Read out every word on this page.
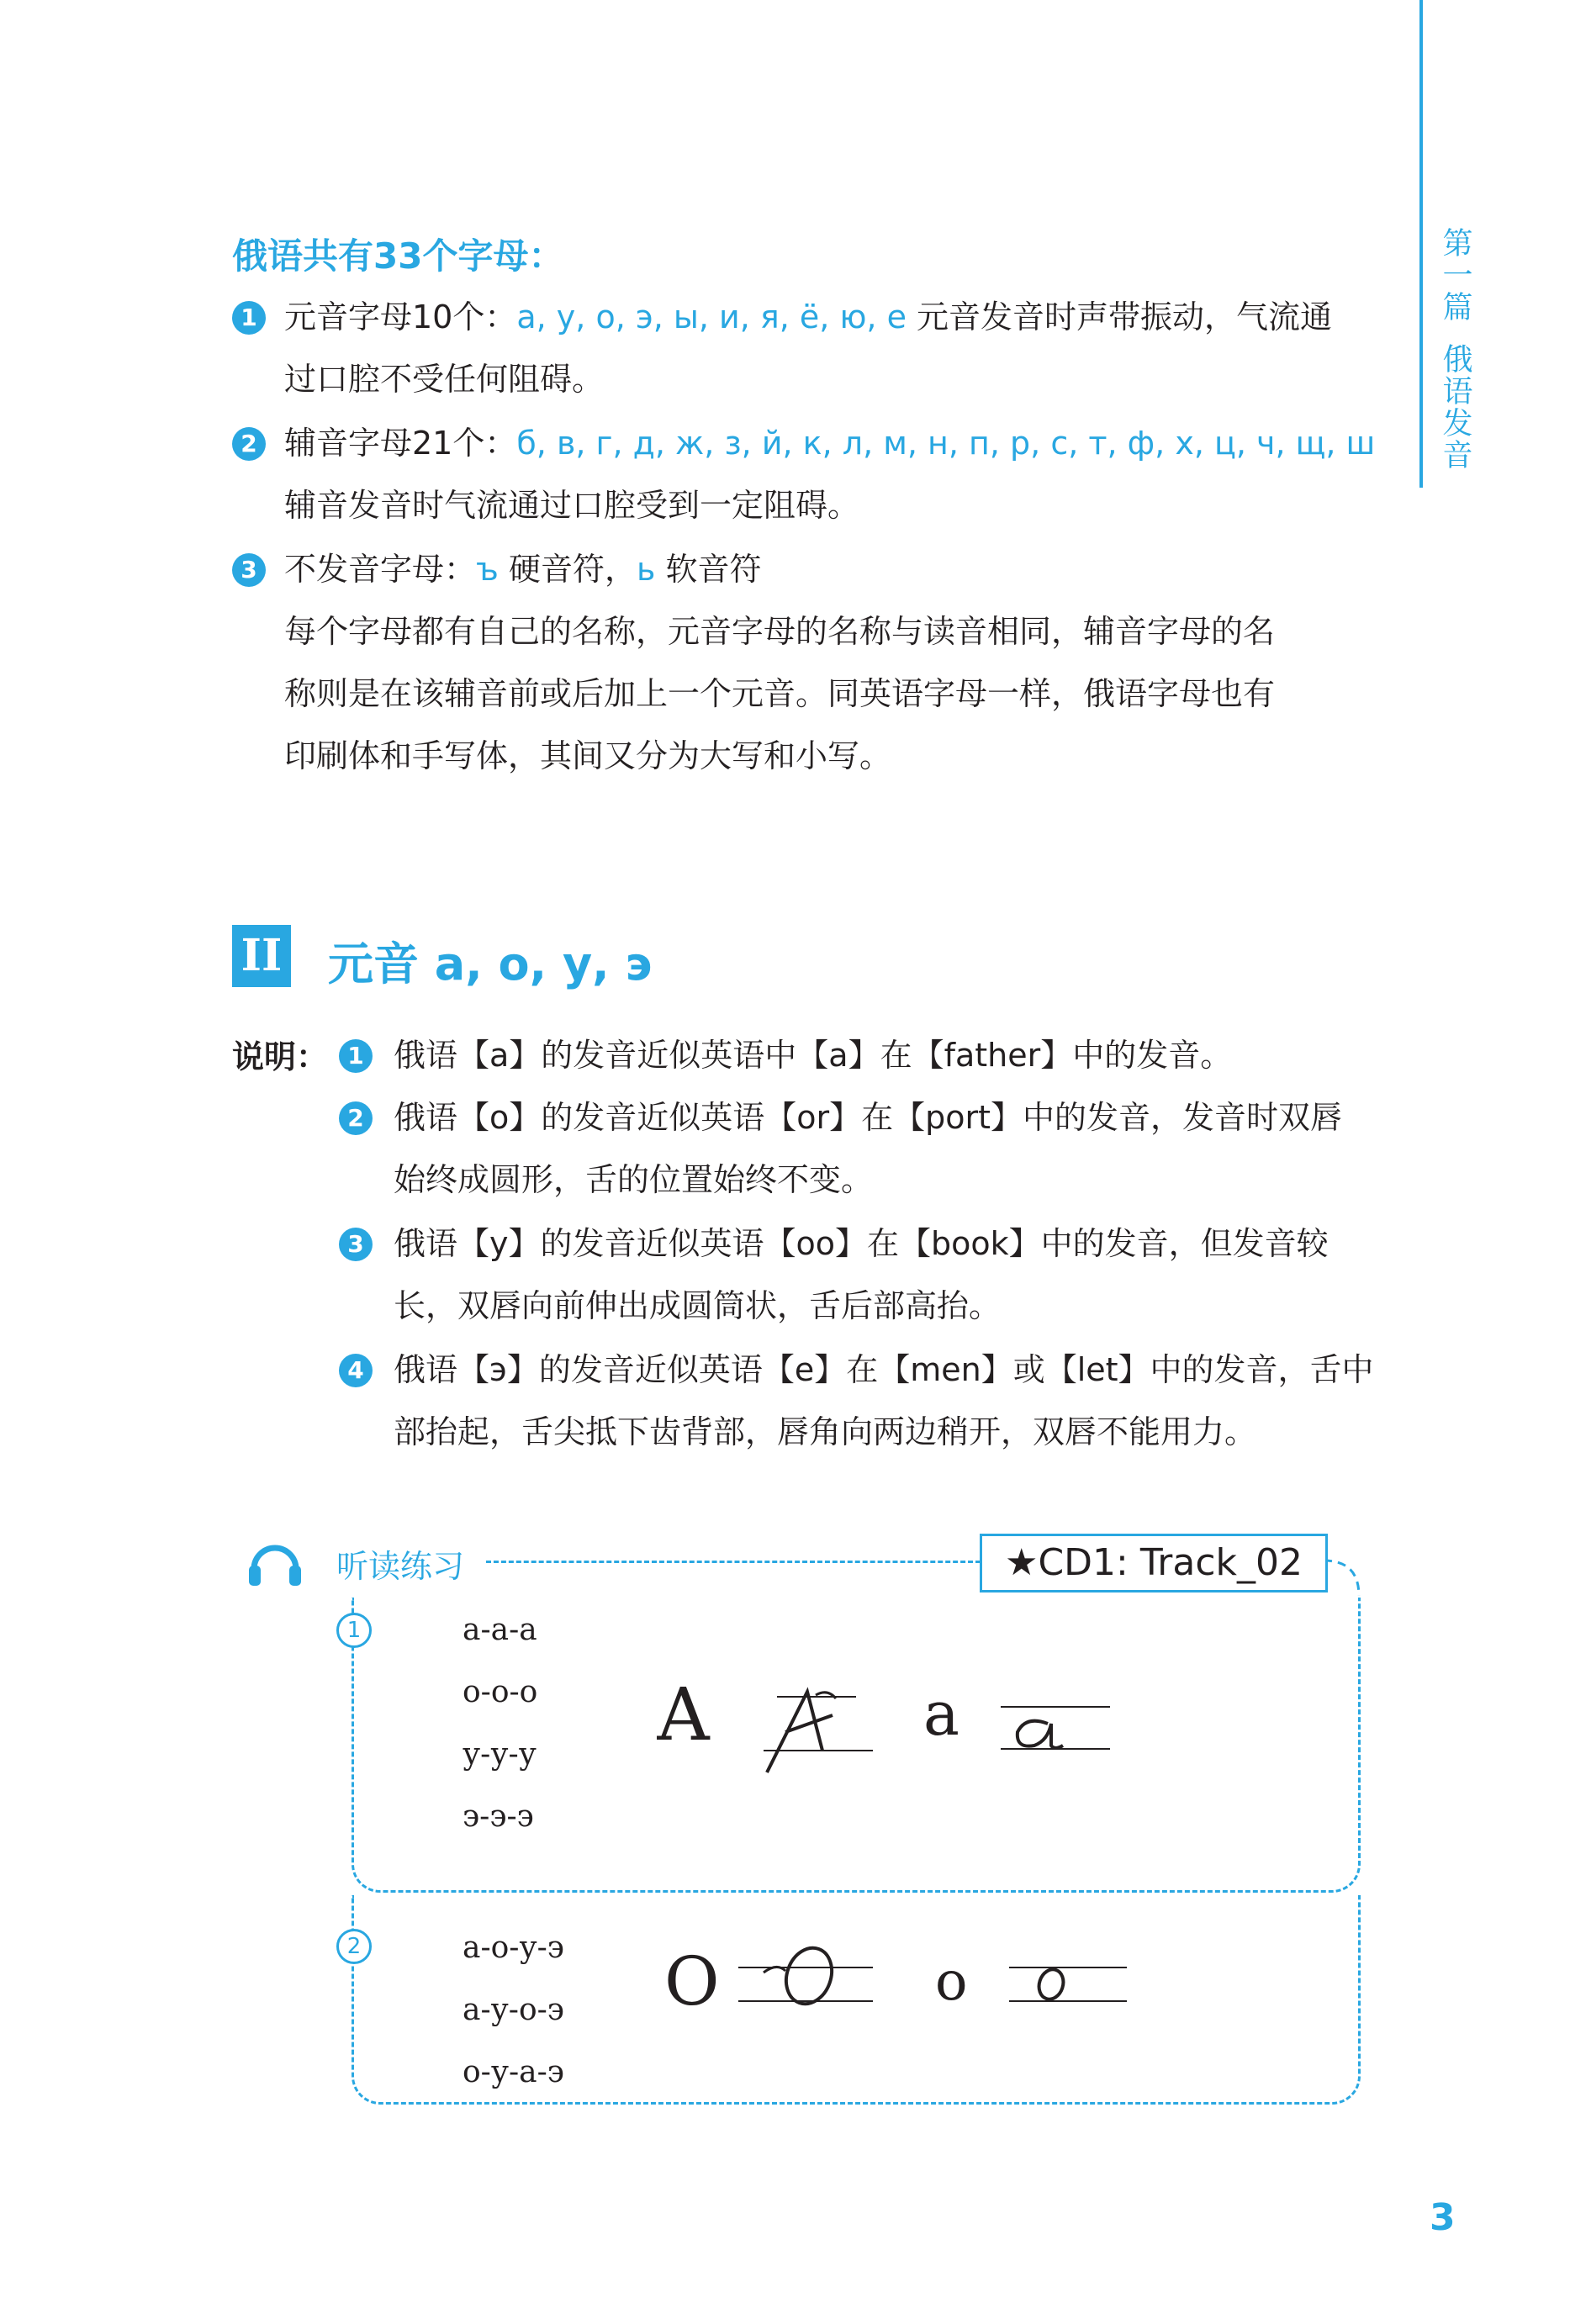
第一篇
俄语发音
俄语共有33个字母：
1 元音字母10个：а, у, о, э, ы, и, я, ё, ю, е 元音发音时声带振动，气流通
过口腔不受任何阻碍。
2 辅音字母21个：б, в, г, д, ж, з, й, к, л, м, н, п, р, с, т, ф, х, ц, ч, щ, ш
辅音发音时气流通过口腔受到一定阻碍。
3 不发音字母：ъ 硬音符，ь 软音符
每个字母都有自己的名称，元音字母的名称与读音相同，辅音字母的名
称则是在该辅音前或后加上一个元音。同英语字母一样，俄语字母也有
印刷体和手写体，其间又分为大写和小写。
II 元音 а, о, у, э
说明： 1 俄语【а】的发音近似英语中【a】在【father】中的发音。
2 俄语【о】的发音近似英语【or】在【port】中的发音，发音时双唇
始终成圆形，舌的位置始终不变。
3 俄语【у】的发音近似英语【oo】在【book】中的发音，但发音较
长，双唇向前伸出成圆筒状，舌后部高抬。
4 俄语【э】的发音近似英语【e】在【men】或【let】中的发音，舌中
部抬起，舌尖抵下齿背部，唇角向两边稍开，双唇不能用力。
听读练习	★CD1: Track_02
1	а-а-а
о-о-о
у-у-у
э-э-э
А	а
2	а-о-у-э
а-у-о-э
о-у-а-э
О	о
3
